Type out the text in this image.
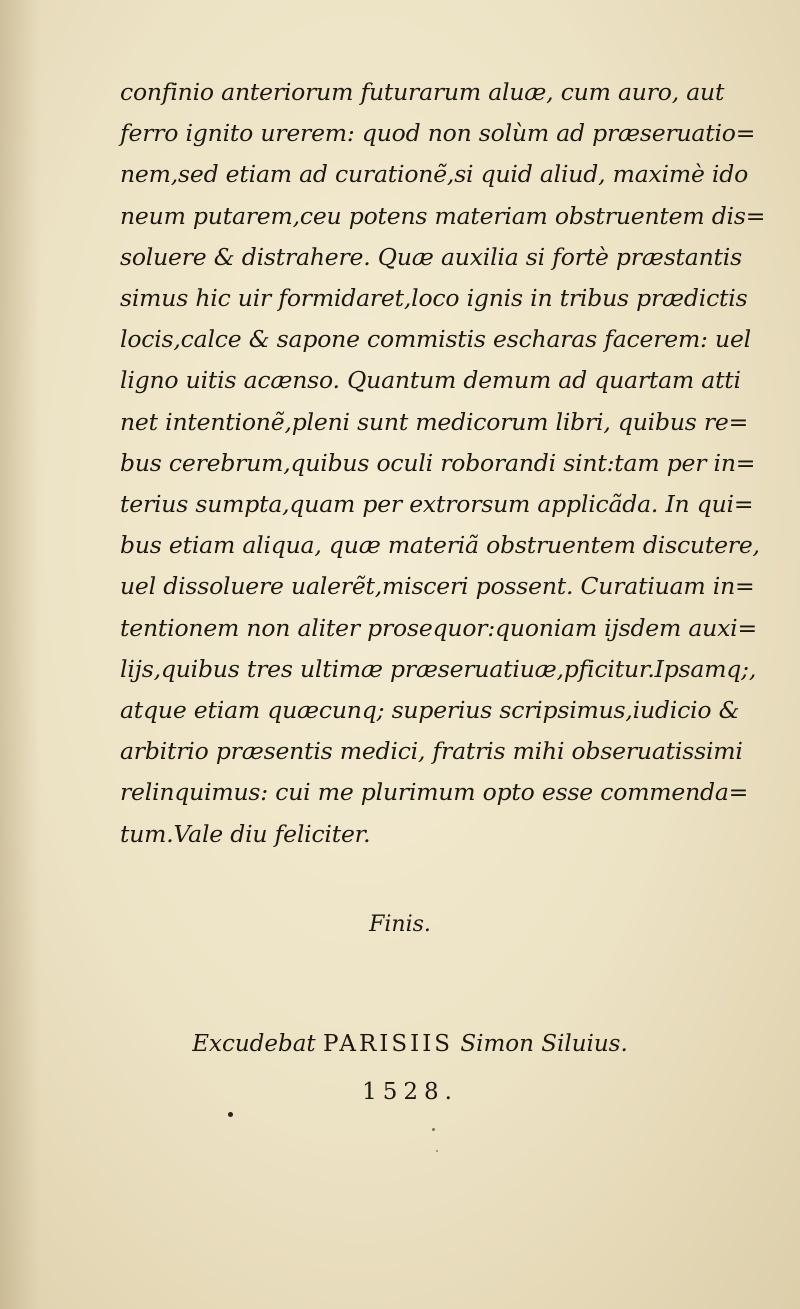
confinio anteriorum futurarum aluæ, cum auro, aut
ferro ignito urerem: quod non solùm ad præseruatio=
nem,sed etiam ad curationẽ,si quid aliud, maximè ido
neum putarem,ceu potens materiam obstruentem dis=
soluere & distrahere. Quæ auxilia si fortè præstantis
simus hic uir formidaret,loco ignis in tribus prædictis
locis,calce & sapone commistis escharas facerem: uel
ligno uitis acæ​nso. Quantum demum ad quartam atti
net intentionẽ,pleni sunt medicorum libri, quibus re=
bus cerebrum,quibus oculi roborandi sint:tam per in=
terius sumpta,quam per extrorsum applicãda. In qui=
bus etiam aliqua, quæ materiã obstruentem discutere,
uel dissoluere ualerẽt,misceri possent. Curatiuam in=
tentionem non aliter prosequor:quoniam ijsdem auxi=
lijs,quibus tres ultimæ præseruatiuæ,pficitur.Ipsamq;,
atque etiam quæcunq; superius scripsimus,iudicio &
arbitrio præsentis medici, fratris mihi obseruatissimi
relinquimus: cui me plurimum opto esse commenda=
tum.Vale diu feliciter.
Finis.
Excudebat PARISIIS Simon Siluius.
1528.
